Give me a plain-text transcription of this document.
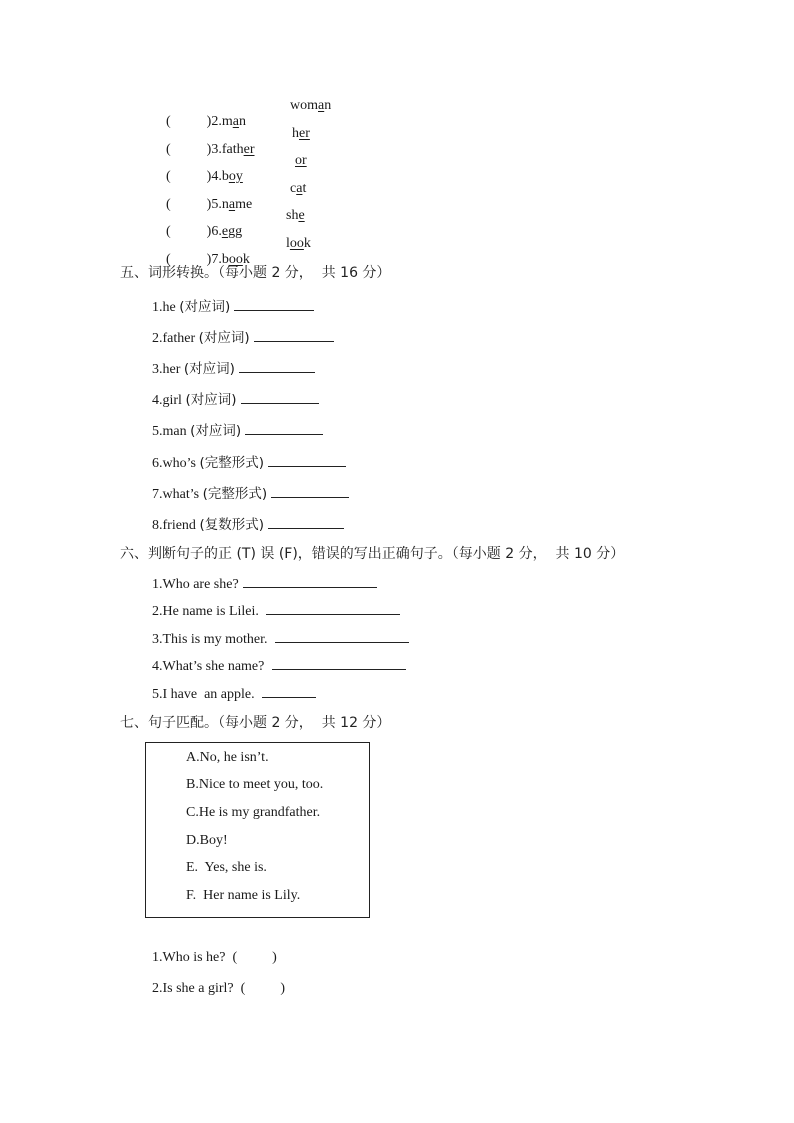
(	)2.man

woman

(	)3.father

her

(	)4.boy

or

(	)5.name

cat

(	)6.egg

she

(	)7.book

look
五、词形转换。（每小题 2 分，  共 16 分）
1.he (对应词)
2.father (对应词)
3.her (对应词)
4.girl (对应词)
5.man (对应词)
6.who’s (完整形式)
7.what’s (完整形式)
8.friend (复数形式)
六、判断句子的正 (T) 误 (F)，错误的写出正确句子。（每小题 2 分，  共 10 分）
1.Who are she?
2.He name is Lilei.
3.This is my mother.
4.What’s she name?
5.I have  an apple.
七、句子匹配。（每小题 2 分，  共 12 分）
A.No, he isn’t.
B.Nice to meet you, too.
C.He is my grandfather.
D.Boy!
E.  Yes, she is.
F.  Her name is Lily.
1.Who is he? (          )
2.Is she a girl? (          )
